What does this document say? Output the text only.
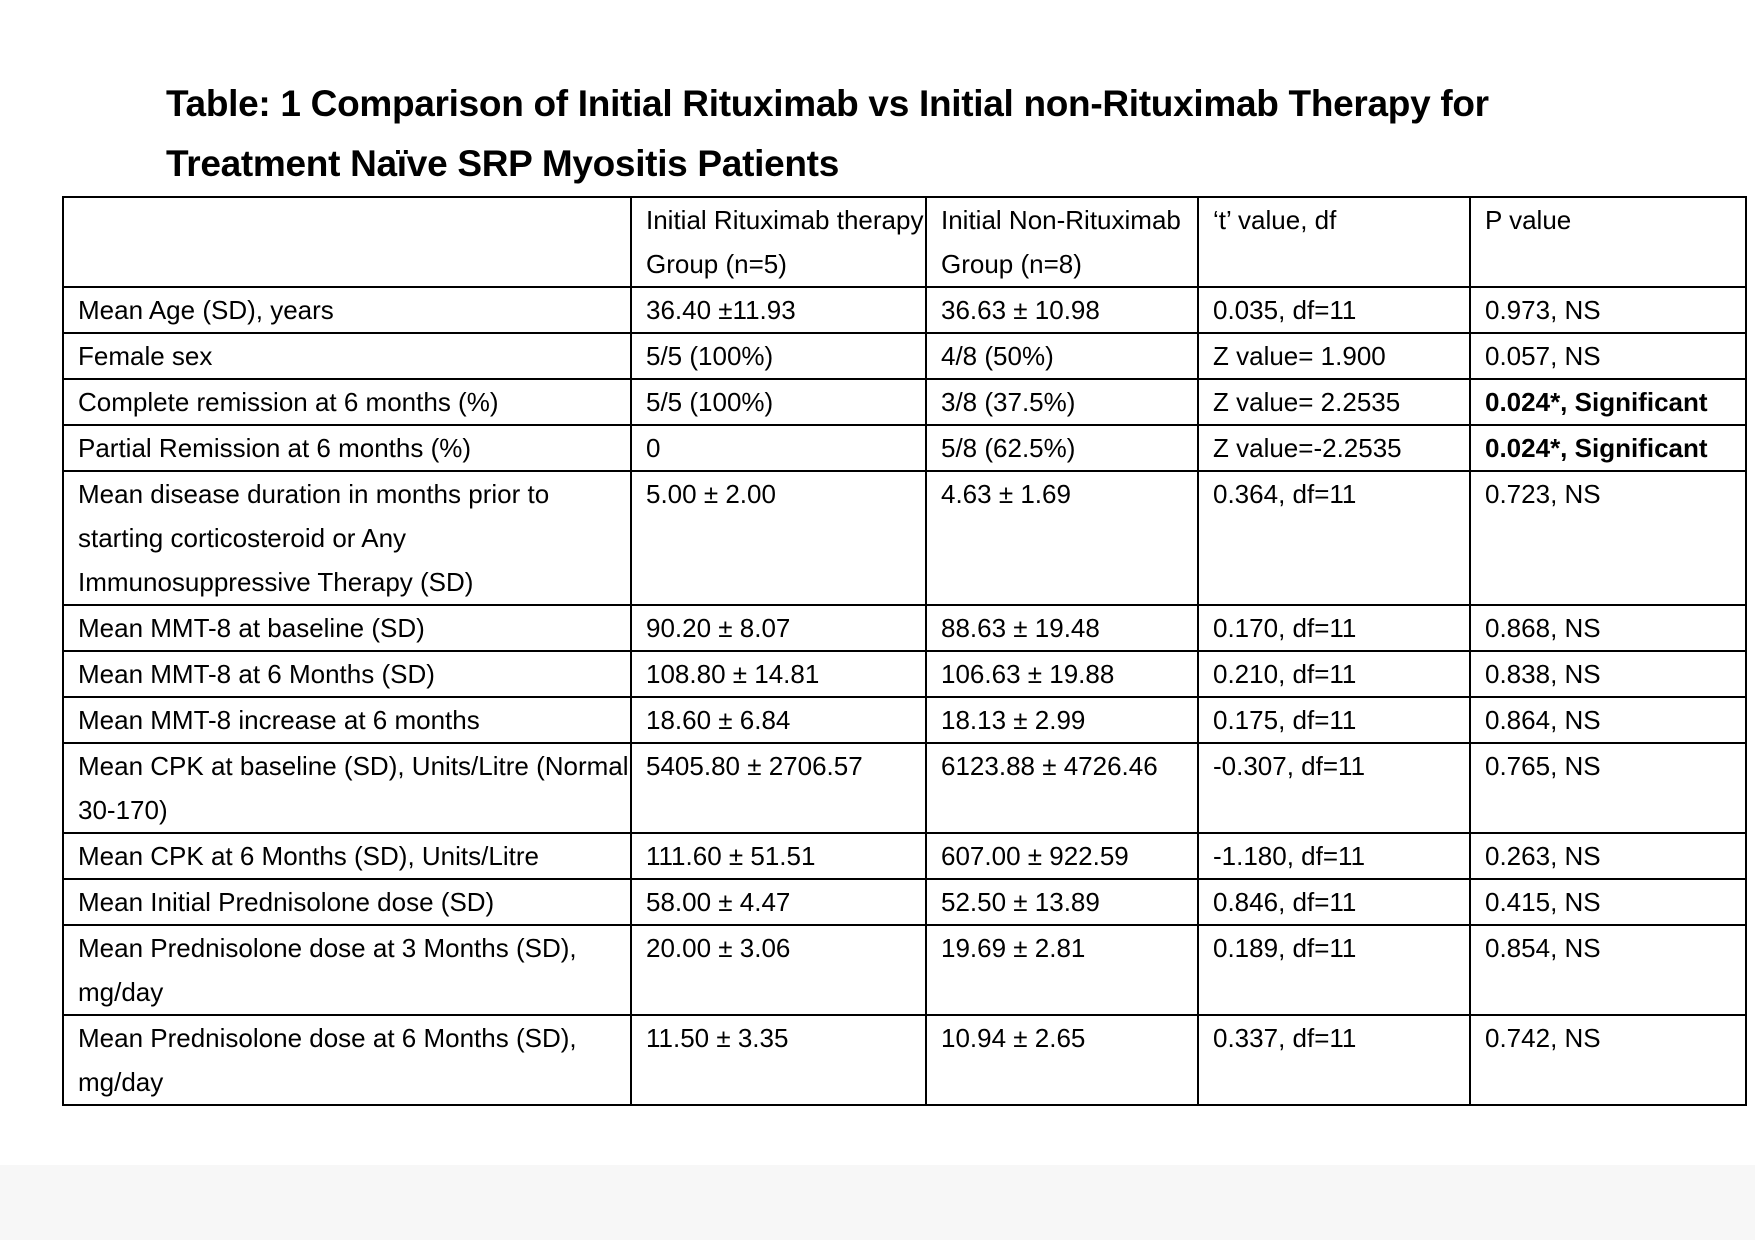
Table: 1 Comparison of Initial Rituximab vs Initial non-Rituximab Therapy for
Treatment Naïve SRP Myositis Patients
	Initial Rituximab therapy Group (n=5)	Initial Non-Rituximab Group (n=8)	‘t’ value, df	P value
Mean Age (SD), years	36.40 ±11.93	36.63 ± 10.98	0.035, df=11	0.973, NS
Female sex	5/5 (100%)	4/8 (50%)	Z value= 1.900	0.057, NS
Complete remission at 6 months (%)	5/5 (100%)	3/8 (37.5%)	Z value= 2.2535	0.024*, Significant
Partial Remission at 6 months (%)	0	5/8 (62.5%)	Z value=-2.2535	0.024*, Significant
Mean disease duration in months prior to starting corticosteroid or Any Immunosuppressive Therapy (SD)	5.00 ± 2.00	4.63 ± 1.69	0.364, df=11	0.723, NS
Mean MMT-8 at baseline (SD)	90.20 ± 8.07	88.63 ± 19.48	0.170, df=11	0.868, NS
Mean MMT-8 at 6 Months (SD)	108.80 ± 14.81	106.63 ± 19.88	0.210, df=11	0.838, NS
Mean MMT-8 increase at 6 months	18.60 ± 6.84	18.13 ± 2.99	0.175, df=11	0.864, NS
Mean CPK at baseline (SD), Units/Litre (Normal 30-170)	5405.80 ± 2706.57	6123.88 ± 4726.46	-0.307, df=11	0.765, NS
Mean CPK at 6 Months (SD), Units/Litre	111.60 ± 51.51	607.00 ± 922.59	-1.180, df=11	0.263, NS
Mean Initial Prednisolone dose (SD)	58.00 ± 4.47	52.50 ± 13.89	0.846, df=11	0.415, NS
Mean Prednisolone dose at 3 Months (SD), mg/day	20.00 ± 3.06	19.69 ± 2.81	0.189, df=11	0.854, NS
Mean Prednisolone dose at 6 Months (SD), mg/day	11.50 ± 3.35	10.94 ± 2.65	0.337, df=11	0.742, NS
